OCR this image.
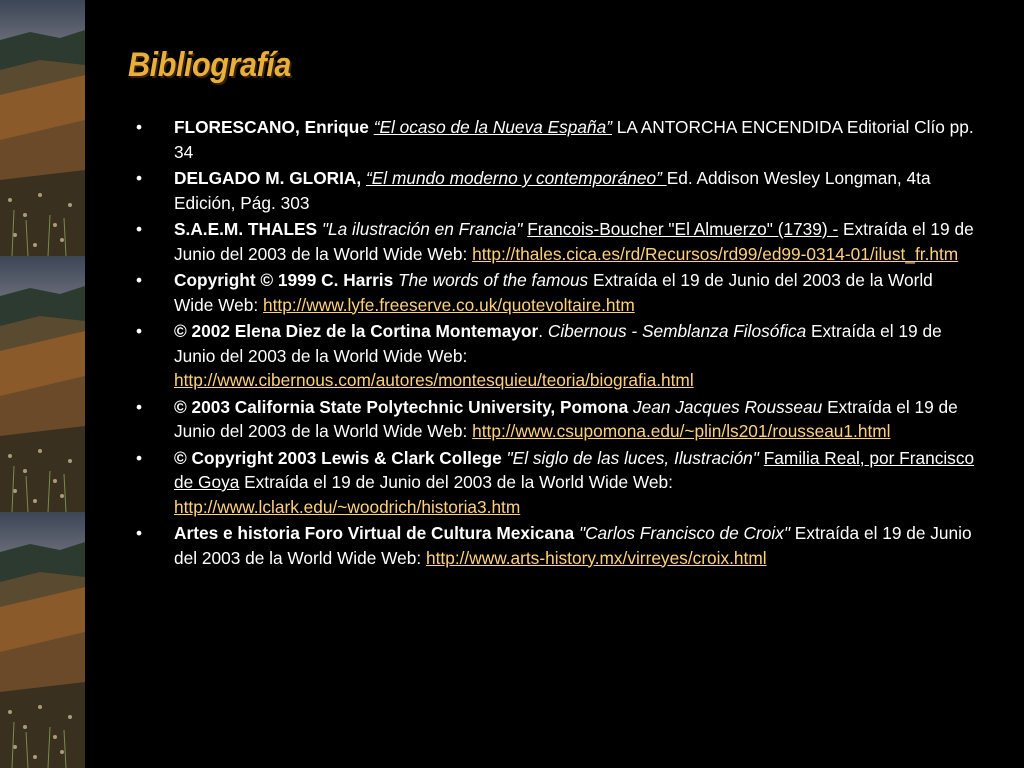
Bibliografía
• FLORESCANO, Enrique “El ocaso de la Nueva España” LA ANTORCHA ENCENDIDA Editorial Clío pp. 34
• DELGADO M. GLORIA, “El mundo moderno y contemporáneo” Ed. Addison Wesley Longman, 4ta Edición, Pág. 303
• S.A.E.M. THALES "La ilustración en Francia" Francois-Boucher "El Almuerzo" (1739) - Extraída el 19 de Junio del 2003 de la World Wide Web: http://thales.cica.es/rd/Recursos/rd99/ed99-0314-01/ilust_fr.htm
• Copyright © 1999 C. Harris The words of the famous Extraída el 19 de Junio del 2003 de la World Wide Web: http://www.lyfe.freeserve.co.uk/quotevoltaire.htm
• © 2002 Elena Diez de la Cortina Montemayor. Cibernous - Semblanza Filosófica Extraída el 19 de Junio del 2003 de la World Wide Web: http://www.cibernous.com/autores/montesquieu/teoria/biografia.html
• © 2003 California State Polytechnic University, Pomona Jean Jacques Rousseau Extraída el 19 de Junio del 2003 de la World Wide Web: http://www.csupomona.edu/~plin/ls201/rousseau1.html
• © Copyright 2003 Lewis & Clark College "El siglo de las luces, Ilustración" Familia Real, por Francisco de Goya Extraída el 19 de Junio del 2003 de la World Wide Web: http://www.lclark.edu/~woodrich/historia3.htm
• Artes e historia Foro Virtual de Cultura Mexicana "Carlos Francisco de Croix" Extraída el 19 de Junio del 2003 de la World Wide Web: http://www.arts-history.mx/virreyes/croix.html
